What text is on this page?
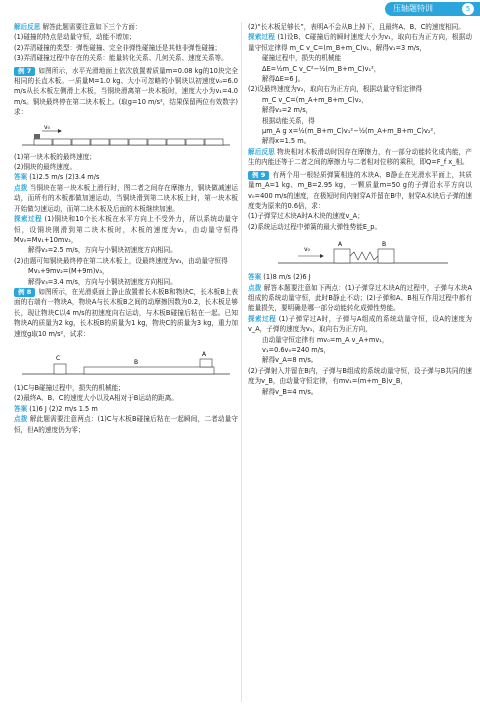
压轴题特训	5

解后反思 解答此题需要注意如下三个方面：

(1)碰撞的特点是动量守恒，动能不增加；

(2)弄清碰撞的类型：弹性碰撞、完全非弹性碰撞还是其他非弹性碰撞；

(3)弄清碰撞过程中存在的关系：能量转化关系、几何关系、速度关系等。

例 7 如图所示，水平光滑地面上依次放置着质量m=0.08 kg的10块完全相同的长直木板。一质量M=1.0 kg、大小可忽略的小铜块以初速度v₀=6.0 m/s从长木板左侧滑上木板，当铜块滑离第一块木板时，速度大小为v₁=4.0 m/s。铜块最终停在第二块木板上。(取g=10 m/s²，结果保留两位有效数字)求：

v₀

(1)第一块木板的最终速度；

(2)铜块的最终速度。

答案 (1)2.5 m/s (2)3.4 m/s

点拨 当铜块在第一块木板上滑行时，图二者之间存在摩擦力，铜块做减速运动，而所有的木板都做加速运动，当铜块滑到第二块木板上时，第一块木板开始做匀速运动，而第二块木板及后面的木板继续加速。

探索过程 (1)铜块和10个长木板在水平方向上不受外力，所以系统动量守恒，设铜块刚滑到第二块木板时，木板的速度为v₂，由动量守恒得 Mv₀=Mv₁+10mv₂，

解得v₂=2.5 m/s，方向与小铜块初速度方向相同。

(2)由题可知铜块最终停在第二块木板上，设最终速度为v₃，由动量守恒得

Mv₁+9mv₂=(M+9m)v₃，

解得v₃=3.4 m/s，方向与小铜块初速度方向相同。

例 8 如图所示，在光滑桌面上静止放置着长木板B和物块C，长木板B上表面的右端有一物块A，物块A与长木板B之间的动摩擦因数为0.2，长木板足够长，现让物块C以4 m/s的初速度向右运动，与木板B碰撞后粘在一起。已知物块A的质量为2 kg，长木板B的质量为1 kg，物块C的质量为3 kg，重力加速度g取10 m/s²，试求：

C
B
A

(1)C与B碰撞过程中，损失的机械能；

(2)最终A、B、C的速度大小以及A相对于B运动的距离。

答案 (1)6 J (2)2 m/s 1.5 m

点拨 解此题需要注意两点：(1)C与木板B碰撞后粘在一起瞬间，二者动量守恒，但A的速度仍为零；

(2)“长木板足够长”，表明A不会从B上掉下，且最终A、B、C的速度相同。

探索过程 (1)设B、C碰撞后的瞬时速度大小为v₁，取向右为正方向，根据动量守恒定律得 m_C v_C=(m_B+m_C)v₁，解得v₁=3 m/s，

碰撞过程中，损失的机械能

ΔE=½m_C v_C²−½(m_B+m_C)v₁²，

解得ΔE=6 J。

(2)设最终速度为v₂，取向右为正方向，根据动量守恒定律得

m_C v_C=(m_A+m_B+m_C)v₂，

解得v₂=2 m/s，

根据动能关系，得

μm_A g x=½(m_B+m_C)v₁²−½(m_A+m_B+m_C)v₂²，

解得x=1.5 m。

解后反思 物块相对木板滑动时因存在摩擦力，有一部分动能转化成内能，产生的内能还等于二者之间的摩擦力与二者相对位移的乘积，即Q=F_f x_相。

例 9 有两个用一根轻质弹簧相连的木块A、B静止在光滑水平面上，其质量m_A=1 kg、m_B=2.95 kg，一颗质量m=50 g的子弹沿水平方向以v₀=400 m/s的速度，在极短时间内射穿A并留在B中，射穿A木块后子弹的速度变为原来的0.6倍，求：

(1)子弹穿过木块A时A木块的速度v_A；

(2)系统运动过程中弹簧的最大弹性势能E_p。

A	B
v₀

答案 (1)8 m/s (2)6 J

点拨 解答本题要注意如下两点：(1)子弹穿过木块A的过程中，子弹与木块A组成的系统动量守恒，此时B静止不动；(2)子弹和A、B相互作用过程中都有能量损失，要明确是哪一部分动能转化成弹性势能。

探索过程 (1)子弹穿过A时，子弹与A组成的系统动量守恒，设A的速度为v_A，子弹的速度为v₁，取向右为正方向，

由动量守恒定律有 mv₀=m_A v_A+mv₁，

v₁=0.6v₀=240 m/s，

解得v_A=8 m/s。

(2)子弹射入并留在B内，子弹与B组成的系统动量守恒，设子弹与B共同的速度为v_B，由动量守恒定律，有mv₁=(m+m_B)v_B，

解得v_B=4 m/s。
